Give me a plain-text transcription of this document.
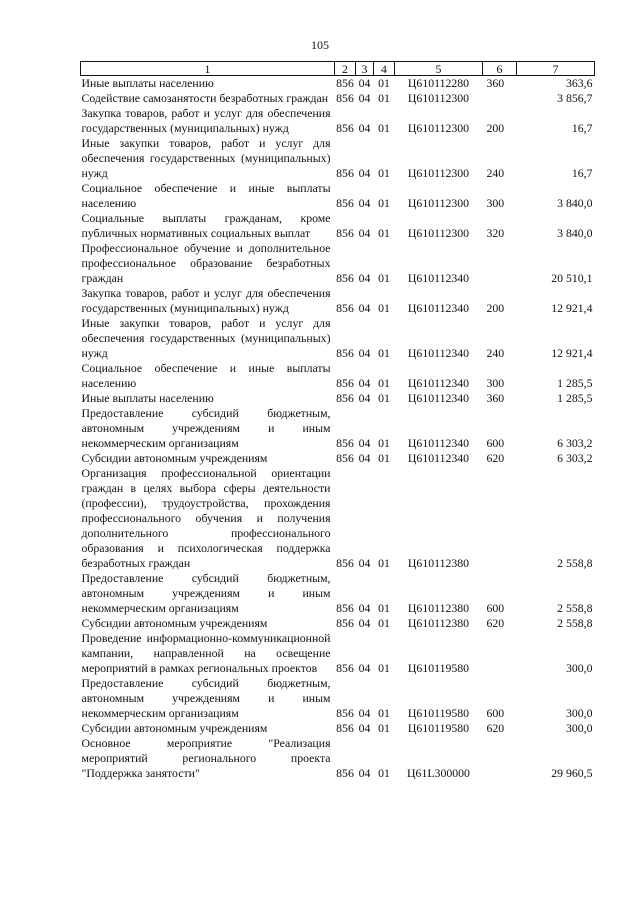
105
1	2	3	4	5	6	7
Иные выплаты населению	856	04	01	Ц610112280	360	363,6
Содействие самозанятости безработных граждан	856	04	01	Ц610112300		3 856,7
Закупка товаров, работ и услуг для обеспечения государственных (муниципальных) нужд	856	04	01	Ц610112300	200	16,7
Иные закупки товаров, работ и услуг для обеспечения государственных (муниципальных) нужд	856	04	01	Ц610112300	240	16,7
Социальное обеспечение и иные выплаты населению	856	04	01	Ц610112300	300	3 840,0
Социальные выплаты гражданам, кроме публичных нормативных социальных выплат	856	04	01	Ц610112300	320	3 840,0
Профессиональное обучение и дополнительное профессиональное образование безработных граждан	856	04	01	Ц610112340		20 510,1
Закупка товаров, работ и услуг для обеспечения государственных (муниципальных) нужд	856	04	01	Ц610112340	200	12 921,4
Иные закупки товаров, работ и услуг для обеспечения государственных (муниципальных) нужд	856	04	01	Ц610112340	240	12 921,4
Социальное обеспечение и иные выплаты населению	856	04	01	Ц610112340	300	1 285,5
Иные выплаты населению	856	04	01	Ц610112340	360	1 285,5
Предоставление субсидий бюджетным, автономным учреждениям и иным некоммерческим организациям	856	04	01	Ц610112340	600	6 303,2
Субсидии автономным учреждениям	856	04	01	Ц610112340	620	6 303,2
Организация профессиональной ориентации граждан в целях выбора сферы деятельности (профессии), трудоустройства, прохождения профессионального обучения и получения дополнительного профессионального образования и психологическая поддержка безработных граждан	856	04	01	Ц610112380		2 558,8
Предоставление субсидий бюджетным, автономным учреждениям и иным некоммерческим организациям	856	04	01	Ц610112380	600	2 558,8
Субсидии автономным учреждениям	856	04	01	Ц610112380	620	2 558,8
Проведение информационно-коммуникационной кампании, направленной на освещение мероприятий в рамках региональных проектов	856	04	01	Ц610119580		300,0
Предоставление субсидий бюджетным, автономным учреждениям и иным некоммерческим организациям	856	04	01	Ц610119580	600	300,0
Субсидии автономным учреждениям	856	04	01	Ц610119580	620	300,0
Основное мероприятие "Реализация мероприятий регионального проекта "Поддержка занятости"	856	04	01	Ц61L300000		29 960,5
